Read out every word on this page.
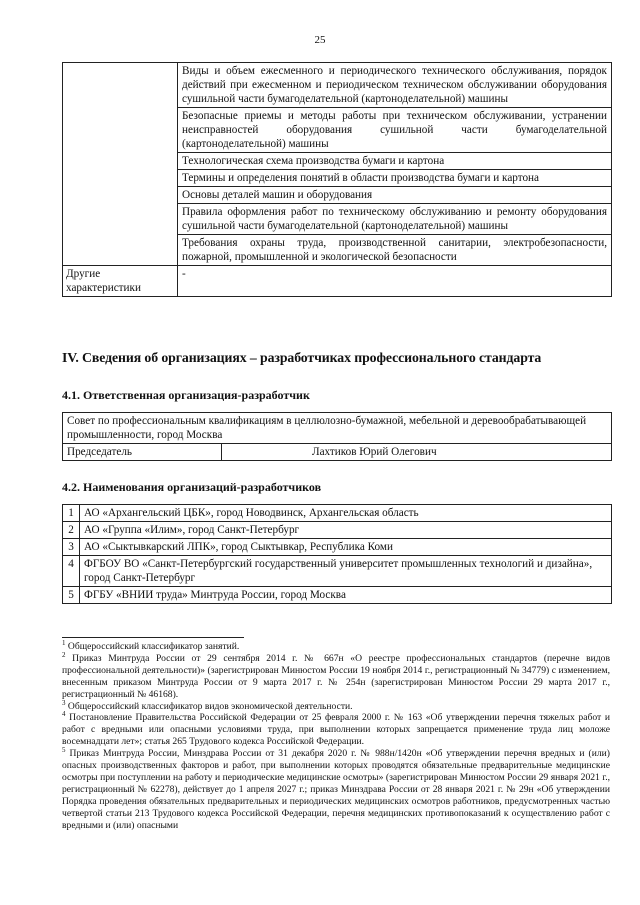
25
	Виды и объем ежесменного и периодического технического обслуживания, порядок действий при ежесменном и периодическом техническом обслуживании оборудования сушильной части бумагоделательной (картоноделательной) машины
	Безопасные приемы и методы работы при техническом обслуживании, устранении неисправностей оборудования сушильной части бумагоделательной (картоноделательной) машины
	Технологическая схема производства бумаги и картона
	Термины и определения понятий в области производства бумаги и картона
	Основы деталей машин и оборудования
	Правила оформления работ по техническому обслуживанию и ремонту оборудования сушильной части бумагоделательной (картоноделательной) машины
	Требования охраны труда, производственной санитарии, электробезопасности, пожарной, промышленной и экологической безопасности
Другие характеристики	-
IV. Сведения об организациях – разработчиках профессионального стандарта
4.1. Ответственная организация-разработчик
Совет по профессиональным квалификациям в целлюлозно-бумажной, мебельной и деревообрабатывающей промышленности, город Москва
Председатель	Лахтиков Юрий Олегович
4.2. Наименования организаций-разработчиков
1	АО «Архангельский ЦБК», город Новодвинск, Архангельская область
2	АО «Группа «Илим», город Санкт-Петербург
3	АО «Сыктывкарский ЛПК», город Сыктывкар, Республика Коми
4	ФГБОУ ВО «Санкт-Петербургский государственный университет промышленных технологий и дизайна», город Санкт-Петербург
5	ФГБУ «ВНИИ труда» Минтруда России, город Москва

$^1$ Общероссийский классификатор занятий.

$^2$ Приказ Минтруда России от 29 сентября 2014 г. № 667н «О реестре профессиональных стандартов (перечне видов профессиональной деятельности)» (зарегистрирован Минюстом России 19 ноября 2014 г., регистрационный № 34779) с изменением, внесенным приказом Минтруда России от 9 марта 2017 г. № 254н (зарегистрирован Минюстом России 29 марта 2017 г., регистрационный № 46168).

$^3$ Общероссийский классификатор видов экономической деятельности.

$^4$ Постановление Правительства Российской Федерации от 25 февраля 2000 г. № 163 «Об утверждении перечня тяжелых работ и работ с вредными или опасными условиями труда, при выполнении которых запрещается применение труда лиц моложе восемнадцати лет»; статья 265 Трудового кодекса Российской Федерации.

$^5$ Приказ Минтруда России, Минздрава России от 31 декабря 2020 г. № 988н/1420н «Об утверждении перечня вредных и (или) опасных производственных факторов и работ, при выполнении которых проводятся обязательные предварительные медицинские осмотры при поступлении на работу и периодические медицинские осмотры» (зарегистрирован Минюстом России 29 января 2021 г., регистрационный № 62278), действует до 1 апреля 2027 г.; приказ Минздрава России от 28 января 2021 г. № 29н «Об утверждении Порядка проведения обязательных предварительных и периодических медицинских осмотров работников, предусмотренных частью четвертой статьи 213 Трудового кодекса Российской Федерации, перечня медицинских противопоказаний к осуществлению работ с вредными и (или) опасными
